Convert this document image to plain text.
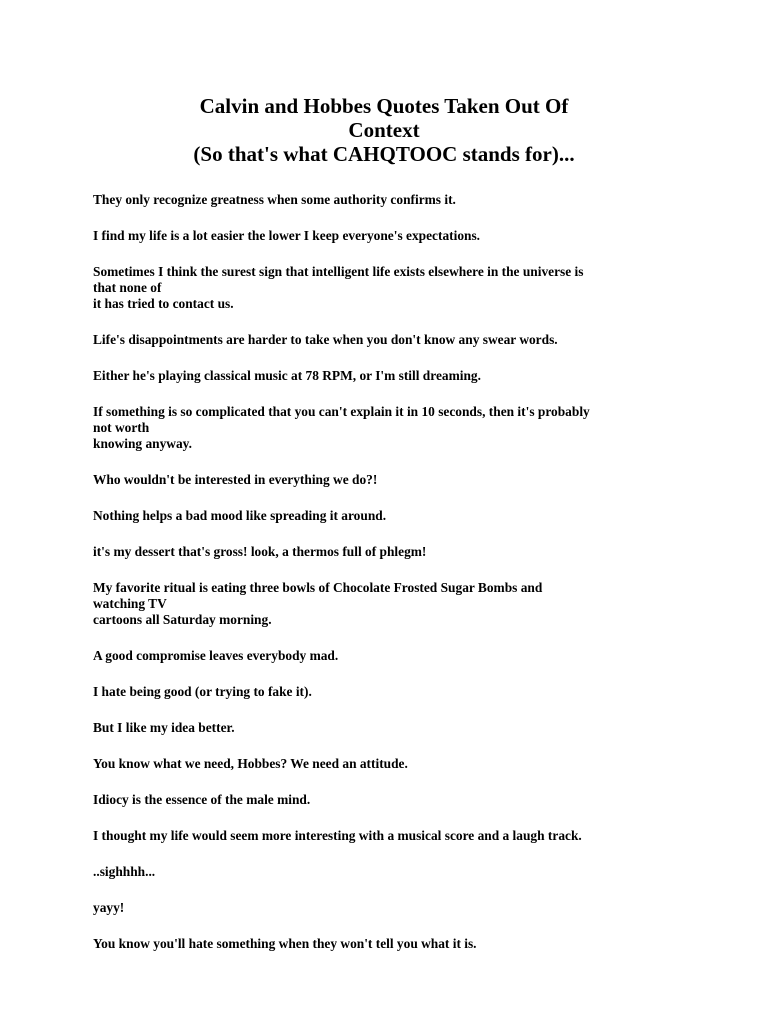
Calvin and Hobbes Quotes Taken Out Of
Context
(So that's what CAHQTOOC stands for)...
They only recognize greatness when some authority confirms it.
I find my life is a lot easier the lower I keep everyone's expectations.
Sometimes I think the surest sign that intelligent life exists elsewhere in the universe is
that none of
it has tried to contact us.
Life's disappointments are harder to take when you don't know any swear words.
Either he's playing classical music at 78 RPM, or I'm still dreaming.
If something is so complicated that you can't explain it in 10 seconds, then it's probably
not worth
knowing anyway.
Who wouldn't be interested in everything we do?!
Nothing helps a bad mood like spreading it around.
it's my dessert that's gross! look, a thermos full of phlegm!
My favorite ritual is eating three bowls of Chocolate Frosted Sugar Bombs and
watching TV
cartoons all Saturday morning.
A good compromise leaves everybody mad.
I hate being good (or trying to fake it).
But I like my idea better.
You know what we need, Hobbes? We need an attitude.
Idiocy is the essence of the male mind.
I thought my life would seem more interesting with a musical score and a laugh track.
..sighhhh...
yayy!
You know you'll hate something when they won't tell you what it is.
